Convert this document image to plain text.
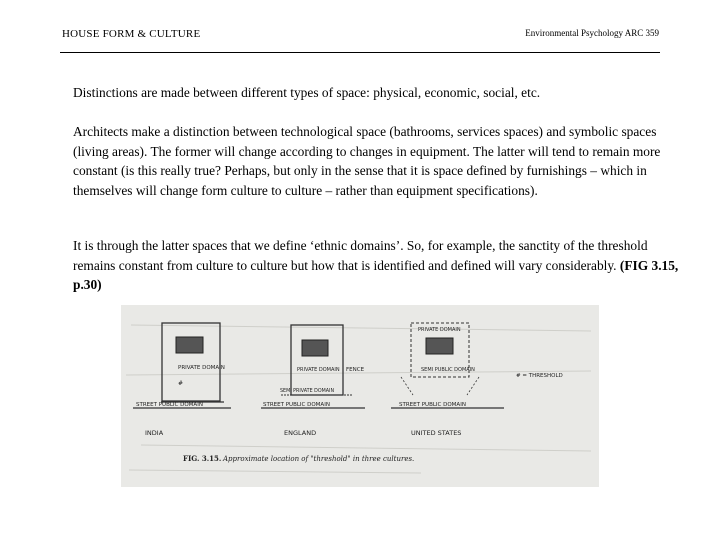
HOUSE FORM & CULTURE	Environmental Psychology ARC 359
Distinctions are made between different types of space: physical, economic, social, etc.
Architects make a distinction between technological space (bathrooms, services spaces) and symbolic spaces (living areas). The former will change according to changes in equipment. The latter will tend to remain more constant (is this really true? Perhaps, but only in the sense that it is space defined by furnishings – which in themselves will change form culture to culture – rather than equipment specifications).
It is through the latter spaces that we define ‘ethnic domains’. So, for example, the sanctity of the threshold remains constant from culture to culture but how that is identified and defined will vary considerably. (FIG 3.15, p.30)
PRIVATE DOMAIN
#
STREET PUBLIC DOMAIN
INDIA
PRIVATE DOMAIN FENCE
SEMI PRIVATE DOMAIN
STREET PUBLIC DOMAIN
ENGLAND
PRIVATE DOMAIN
SEMI PUBLIC DOMAIN
STREET PUBLIC DOMAIN
UNITED STATES
# = THRESHOLD
FIG. 3.15. Approximate location of "threshold" in three cultures.
